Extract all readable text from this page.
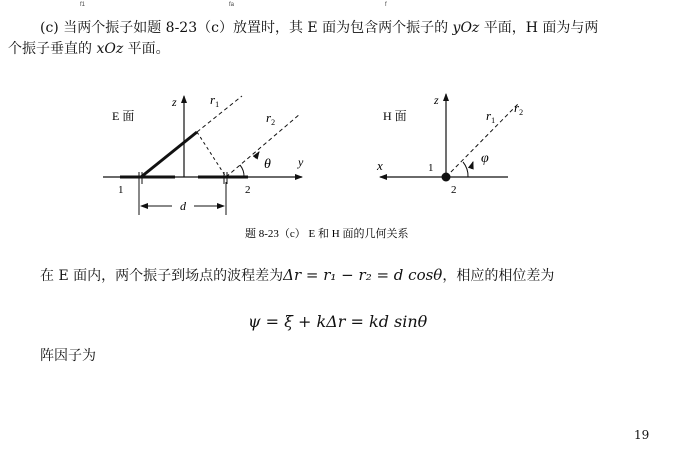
f1	fa	f
(c) 当两个振子如题 8-23（c）放置时，其 E 面为包含两个振子的 yOz 平面，H 面为与两
个振子垂直的 xOz 平面。
E 面
z
y
1	2
$r_1$
$r_2$
θ
d
H 面
z
x	1
2
$r_1$
$r_2$
φ
题 8-23（c） E 和 H 面的几何关系
在 E 面内，两个振子到场点的波程差为Δr = r₁ − r₂ = d cosθ，相应的相位差为
ψ = ξ + kΔr = kd sinθ
阵因子为
19
